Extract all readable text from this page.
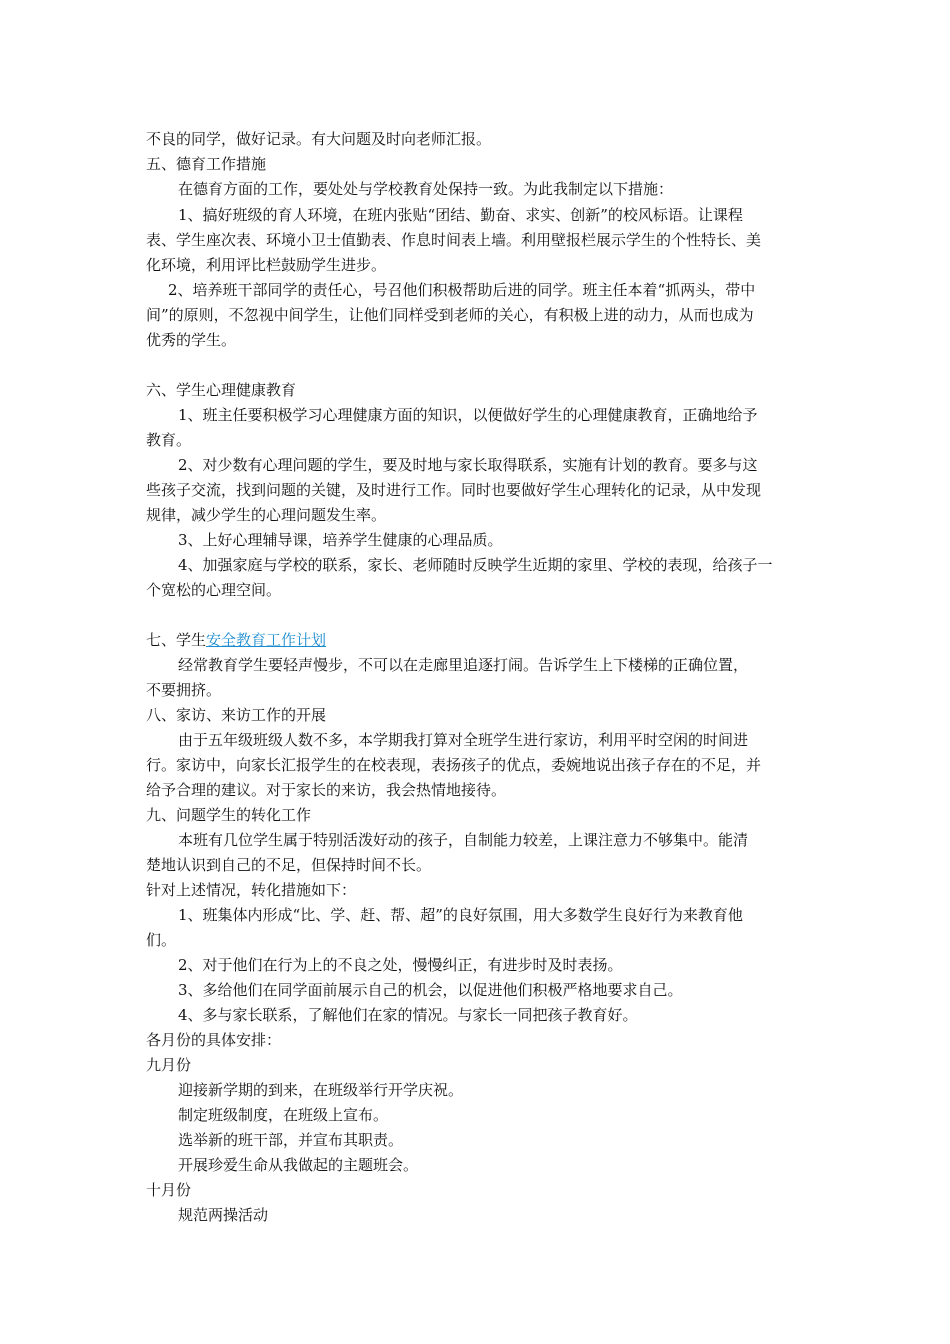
不良的同学，做好记录。有大问题及时向老师汇报。
五、德育工作措施
在德育方面的工作，要处处与学校教育处保持一致。为此我制定以下措施：
1、搞好班级的育人环境，在班内张贴“团结、勤奋、求实、创新”的校风标语。让课程
表、学生座次表、环境小卫士值勤表、作息时间表上墙。利用壁报栏展示学生的个性特长、美
化环境，利用评比栏鼓励学生进步。
2、培养班干部同学的责任心，号召他们积极帮助后进的同学。班主任本着“抓两头，带中
间”的原则，不忽视中间学生，让他们同样受到老师的关心，有积极上进的动力，从而也成为
优秀的学生。
六、学生心理健康教育
1、班主任要积极学习心理健康方面的知识，以便做好学生的心理健康教育，正确地给予
教育。
2、对少数有心理问题的学生，要及时地与家长取得联系，实施有计划的教育。要多与这
些孩子交流，找到问题的关键，及时进行工作。同时也要做好学生心理转化的记录，从中发现
规律，减少学生的心理问题发生率。
3、上好心理辅导课，培养学生健康的心理品质。
4、加强家庭与学校的联系，家长、老师随时反映学生近期的家里、学校的表现，给孩子一
个宽松的心理空间。
七、学生安全教育工作计划
经常教育学生要轻声慢步，不可以在走廊里追逐打闹。告诉学生上下楼梯的正确位置，
不要拥挤。
八、家访、来访工作的开展
由于五年级班级人数不多，本学期我打算对全班学生进行家访，利用平时空闲的时间进
行。家访中，向家长汇报学生的在校表现，表扬孩子的优点，委婉地说出孩子存在的不足，并
给予合理的建议。对于家长的来访，我会热情地接待。
九、问题学生的转化工作
本班有几位学生属于特别活泼好动的孩子，自制能力较差，上课注意力不够集中。能清
楚地认识到自己的不足，但保持时间不长。
针对上述情况，转化措施如下：
1、班集体内形成“比、学、赶、帮、超”的良好氛围，用大多数学生良好行为来教育他
们。
2、对于他们在行为上的不良之处，慢慢纠正，有进步时及时表扬。
3、多给他们在同学面前展示自己的机会，以促进他们积极严格地要求自己。
4、多与家长联系，了解他们在家的情况。与家长一同把孩子教育好。
各月份的具体安排：
九月份
迎接新学期的到来，在班级举行开学庆祝。
制定班级制度，在班级上宣布。
选举新的班干部，并宣布其职责。
开展珍爱生命从我做起的主题班会。
十月份
规范两操活动
